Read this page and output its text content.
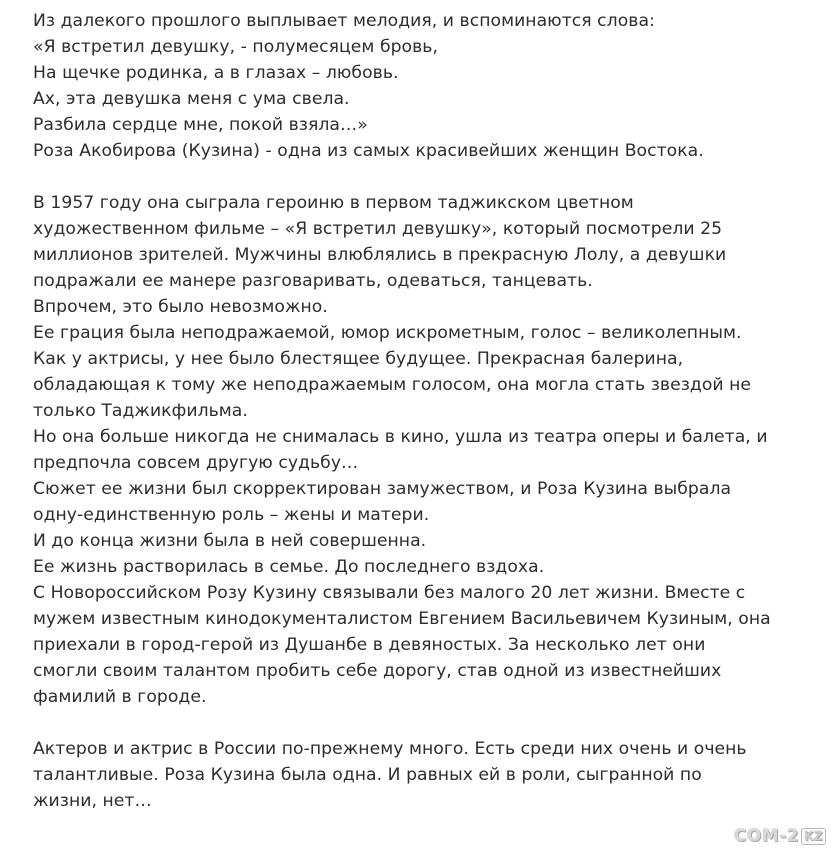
Из далекого прошлого выплывает мелодия, и вспоминаются слова:
«Я встретил девушку, - полумесяцем бровь,
На щечке родинка, а в глазах – любовь.
Ах, эта девушка меня с ума свела.
Разбила сердце мне, покой взяла…»
Роза Акобирова (Кузина) - одна из самых красивейших женщин Востока.
В 1957 году она сыграла героиню в первом таджикском цветном
художественном фильме – «Я встретил девушку», который посмотрели 25
миллионов зрителей. Мужчины влюблялись в прекрасную Лолу, а девушки
подражали ее манере разговаривать, одеваться, танцевать.
Впрочем, это было невозможно.
Ее грация была неподражаемой, юмор искрометным, голос – великолепным.
Как у актрисы, у нее было блестящее будущее. Прекрасная балерина,
обладающая к тому же неподражаемым голосом, она могла стать звездой не
только Таджикфильма.
Но она больше никогда не снималась в кино, ушла из театра оперы и балета, и
предпочла совсем другую судьбу…
Сюжет ее жизни был скорректирован замужеством, и Роза Кузина выбрала
одну-единственную роль – жены и матери.
И до конца жизни была в ней совершенна.
Ее жизнь растворилась в семье. До последнего вздоха.
С Новороссийском Розу Кузину связывали без малого 20 лет жизни. Вместе с
мужем известным кинодокументалистом Евгением Васильевичем Кузиным, она
приехали в город-герой из Душанбе в девяностых. За несколько лет они
смогли своим талантом пробить себе дорогу, став одной из известнейших
фамилий в городе.
Актеров и актрис в России по-прежнему много. Есть среди них очень и очень
талантливые. Роза Кузина была одна. И равных ей в роли, сыгранной по
жизни, нет…
COM-2 KZ
